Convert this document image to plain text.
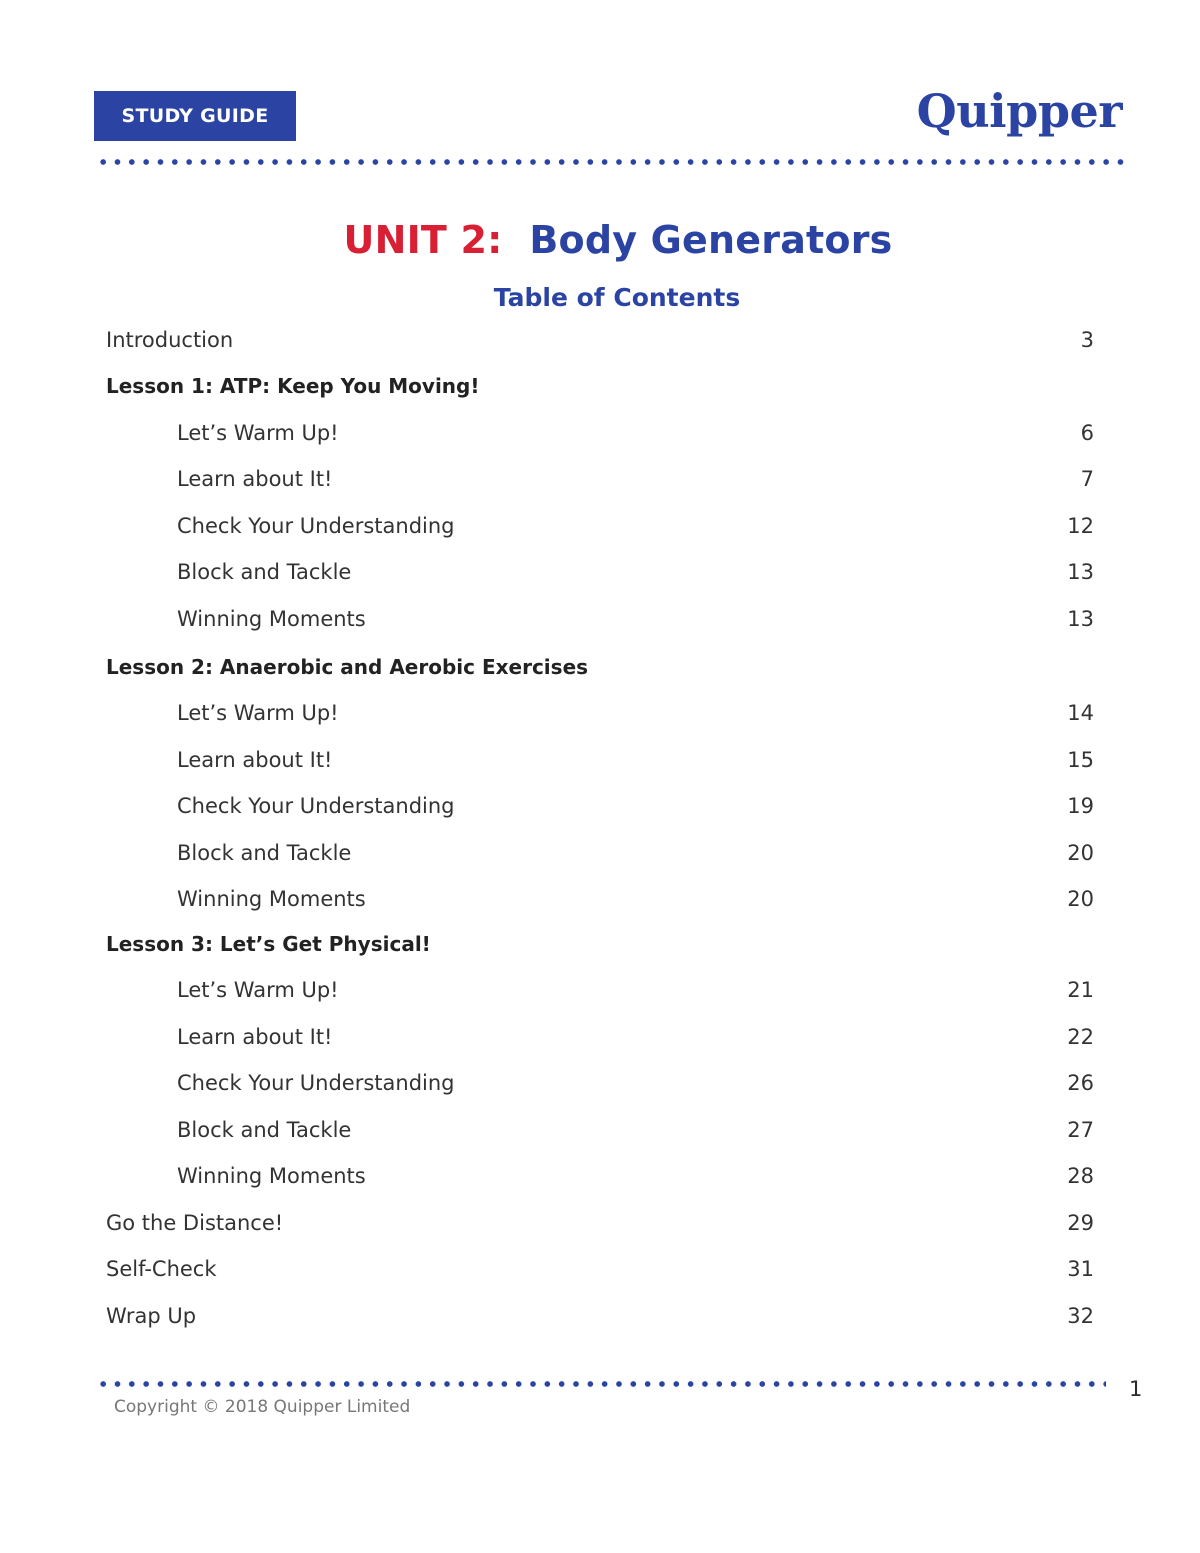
STUDY GUIDE	Quipper
UNIT 2: Body Generators
Table of Contents
Introduction	3
Lesson 1: ATP: Keep You Moving!
Let’s Warm Up!	6
Learn about It!	7
Check Your Understanding	12
Block and Tackle	13
Winning Moments	13
Lesson 2: Anaerobic and Aerobic Exercises
Let’s Warm Up!	14
Learn about It!	15
Check Your Understanding	19
Block and Tackle	20
Winning Moments	20
Lesson 3: Let’s Get Physical!
Let’s Warm Up!	21
Learn about It!	22
Check Your Understanding	26
Block and Tackle	27
Winning Moments	28
Go the Distance!	29
Self-Check	31
Wrap Up	32
1
Copyright © 2018 Quipper Limited
